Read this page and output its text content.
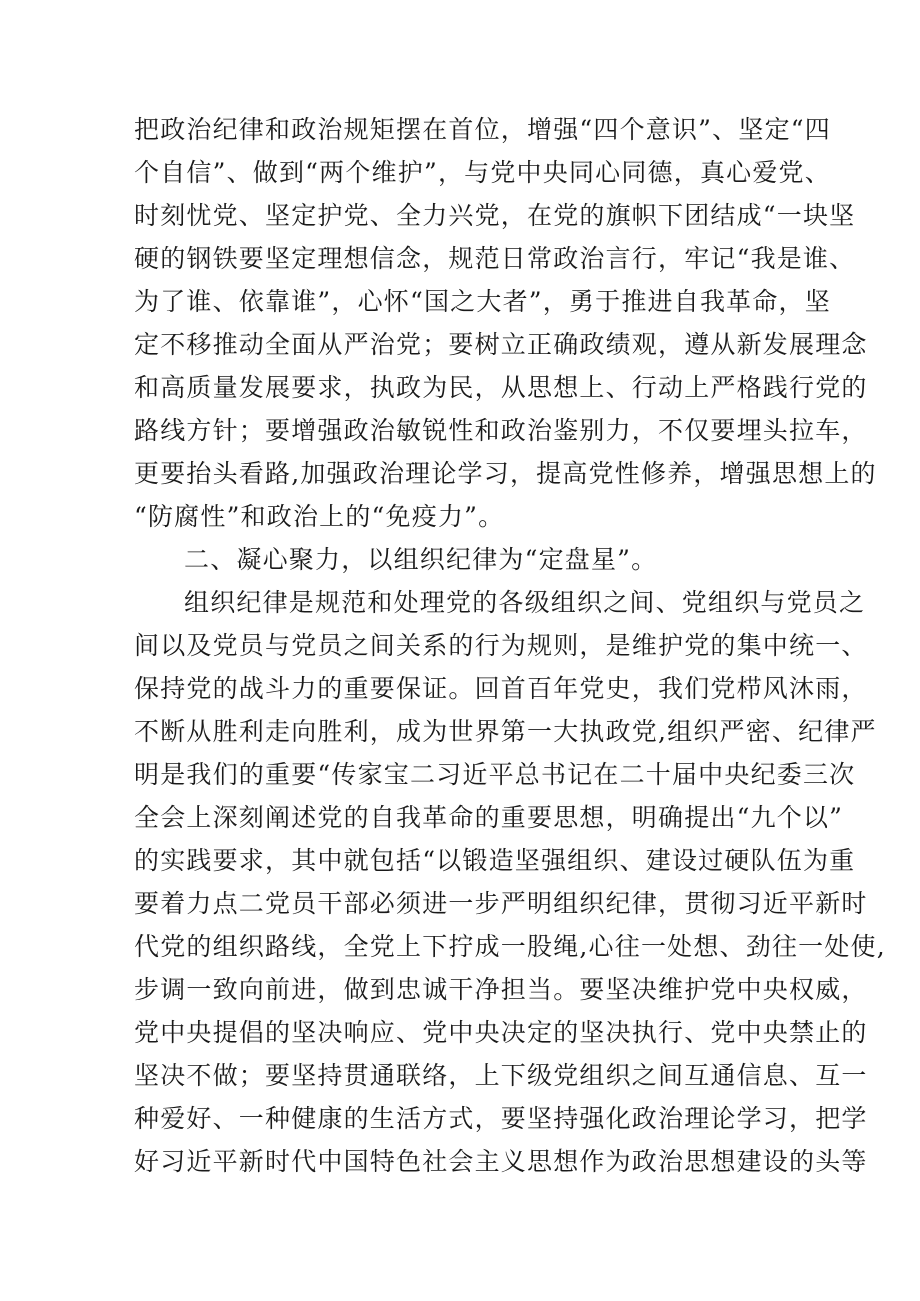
把政治纪律和政治规矩摆在首位，增强“四个意识”、坚定“四
个自信”、做到“两个维护”，与党中央同心同德，真心爱党、
时刻忧党、坚定护党、全力兴党，在党的旗帜下团结成“一块坚
硬的钢铁要坚定理想信念，规范日常政治言行，牢记“我是谁、
为了谁、依靠谁”，心怀“国之大者”，勇于推进自我革命，坚
定不移推动全面从严治党；要树立正确政绩观，遵从新发展理念
和高质量发展要求，执政为民，从思想上、行动上严格践行党的
路线方针；要增强政治敏锐性和政治鉴别力，不仅要埋头拉车，
更要抬头看路,加强政治理论学习，提高党性修养，增强思想上的
“防腐性”和政治上的“免疫力”。
二、凝心聚力，以组织纪律为“定盘星”。
组织纪律是规范和处理党的各级组织之间、党组织与党员之
间以及党员与党员之间关系的行为规则，是维护党的集中统一、
保持党的战斗力的重要保证。回首百年党史，我们党栉风沐雨，
不断从胜利走向胜利，成为世界第一大执政党,组织严密、纪律严
明是我们的重要“传家宝二习近平总书记在二十届中央纪委三次
全会上深刻阐述党的自我革命的重要思想，明确提出“九个以”
的实践要求，其中就包括“以锻造坚强组织、建设过硬队伍为重
要着力点二党员干部必须进一步严明组织纪律，贯彻习近平新时
代党的组织路线，全党上下拧成一股绳,心往一处想、劲往一处使,
步调一致向前进，做到忠诚干净担当。要坚决维护党中央权威，
党中央提倡的坚决响应、党中央决定的坚决执行、党中央禁止的
坚决不做；要坚持贯通联络，上下级党组织之间互通信息、互一
种爱好、一种健康的生活方式，要坚持强化政治理论学习，把学
好习近平新时代中国特色社会主义思想作为政治思想建设的头等
